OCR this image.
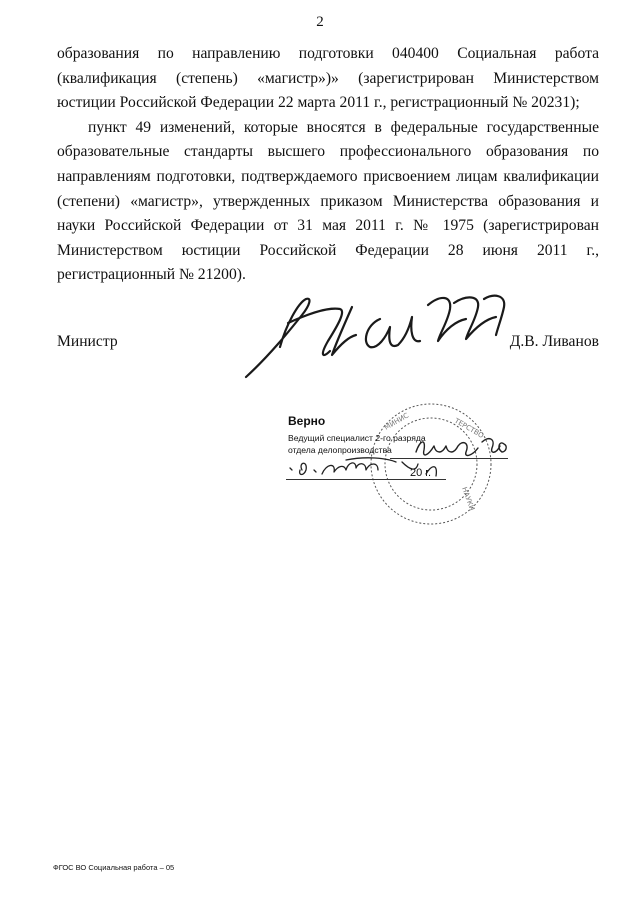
2

образования по направлению подготовки 040400 Социальная работа (квалификация (степень) «магистр»)» (зарегистрирован Министерством юстиции Российской Федерации 22 марта 2011 г., регистрационный № 20231);

пункт 49 изменений, которые вносятся в федеральные государственные образовательные стандарты высшего профессионального образования по направлениям подготовки, подтверждаемого присвоением лицам квалификации (степени) «магистр», утвержденных приказом Министерства образования и науки Российской Федерации от 31 мая 2011 г. № 1975 (зарегистрирован Министерством юстиции Российской Федерации 28 июня 2011 г., регистрационный № 21200).

Министр	Д.В. Ливанов
МИНИС	ТЕРСТВО
НАУКИ
Верно
Ведущий специалист 2-го разряда
отдела делопроизводства
20 г.
ФГОС ВО Социальная работа – 05
